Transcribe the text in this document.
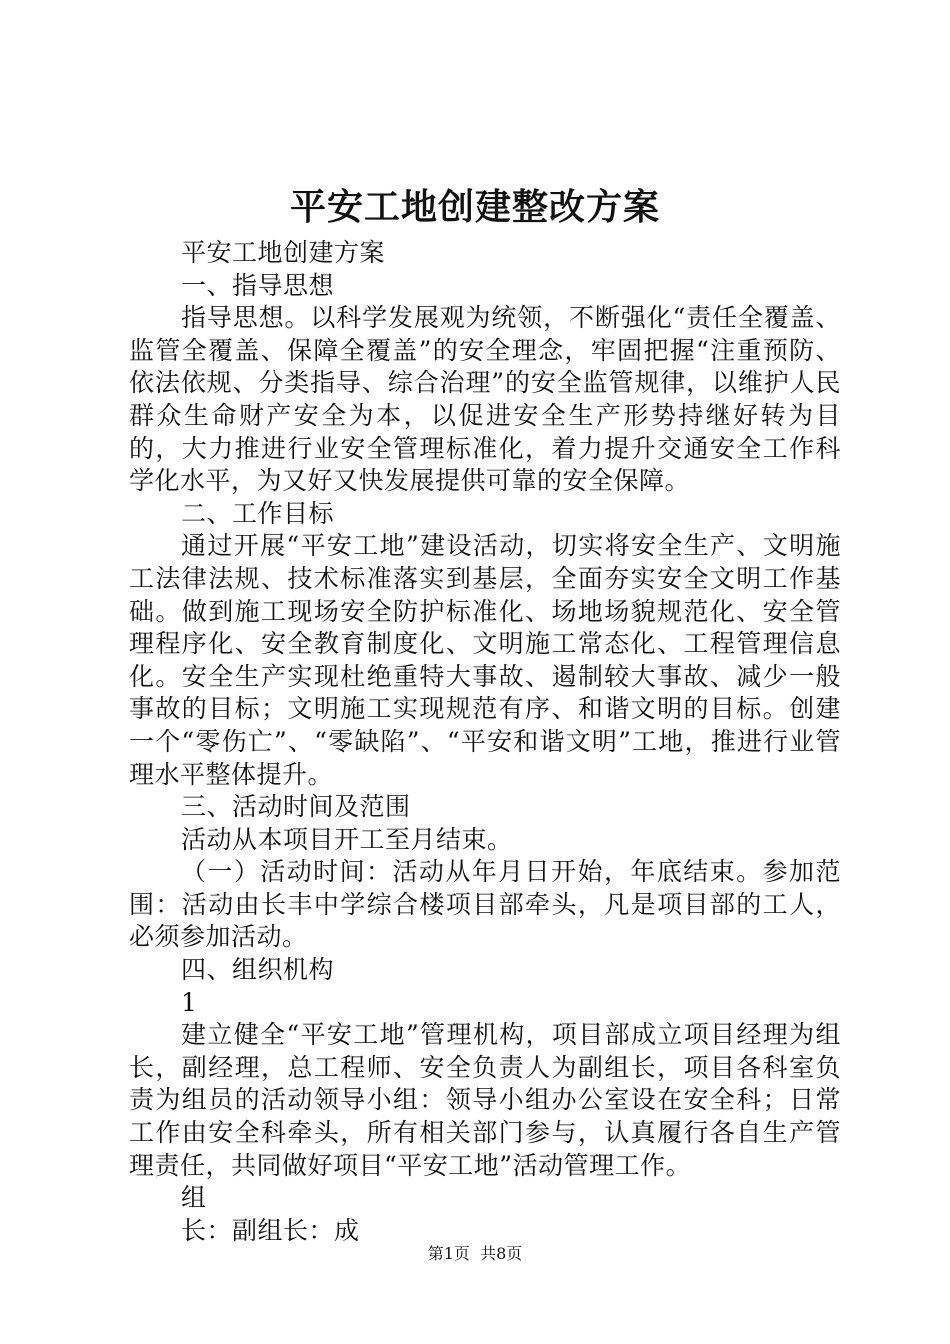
平安工地创建整改方案

平安工地创建方案

一、指导思想

指导思想。以科学发展观为统领，不断强化“责任全覆盖、监管全覆盖、保障全覆盖”的安全理念，牢固把握“注重预防、依法依规、分类指导、综合治理”的安全监管规律，以维护人民群众生命财产安全为本，以促进安全生产形势持继好转为目的，大力推进行业安全管理标准化，着力提升交通安全工作科学化水平，为又好又快发展提供可靠的安全保障。

二、工作目标

通过开展“平安工地”建设活动，切实将安全生产、文明施工法律法规、技术标准落实到基层，全面夯实安全文明工作基础。做到施工现场安全防护标准化、场地场貌规范化、安全管理程序化、安全教育制度化、文明施工常态化、工程管理信息化。安全生产实现杜绝重特大事故、遏制较大事故、减少一般事故的目标；文明施工实现规范有序、和谐文明的目标。创建一个“零伤亡”、“零缺陷”、“平安和谐文明”工地，推进行业管理水平整体提升。

三、活动时间及范围

活动从本项目开工至月结束。

（一）活动时间：活动从年月日开始，年底结束。参加范围：活动由长丰中学综合楼项目部牵头，凡是项目部的工人，必须参加活动。

四、组织机构

1

建立健全“平安工地”管理机构，项目部成立项目经理为组长，副经理，总工程师、安全负责人为副组长，项目各科室负责为组员的活动领导小组：领导小组办公室设在安全科；日常工作由安全科牵头，所有相关部门参与，认真履行各自生产管理责任，共同做好项目“平安工地”活动管理工作。

组

长：副组长：成

第1页  共8页
